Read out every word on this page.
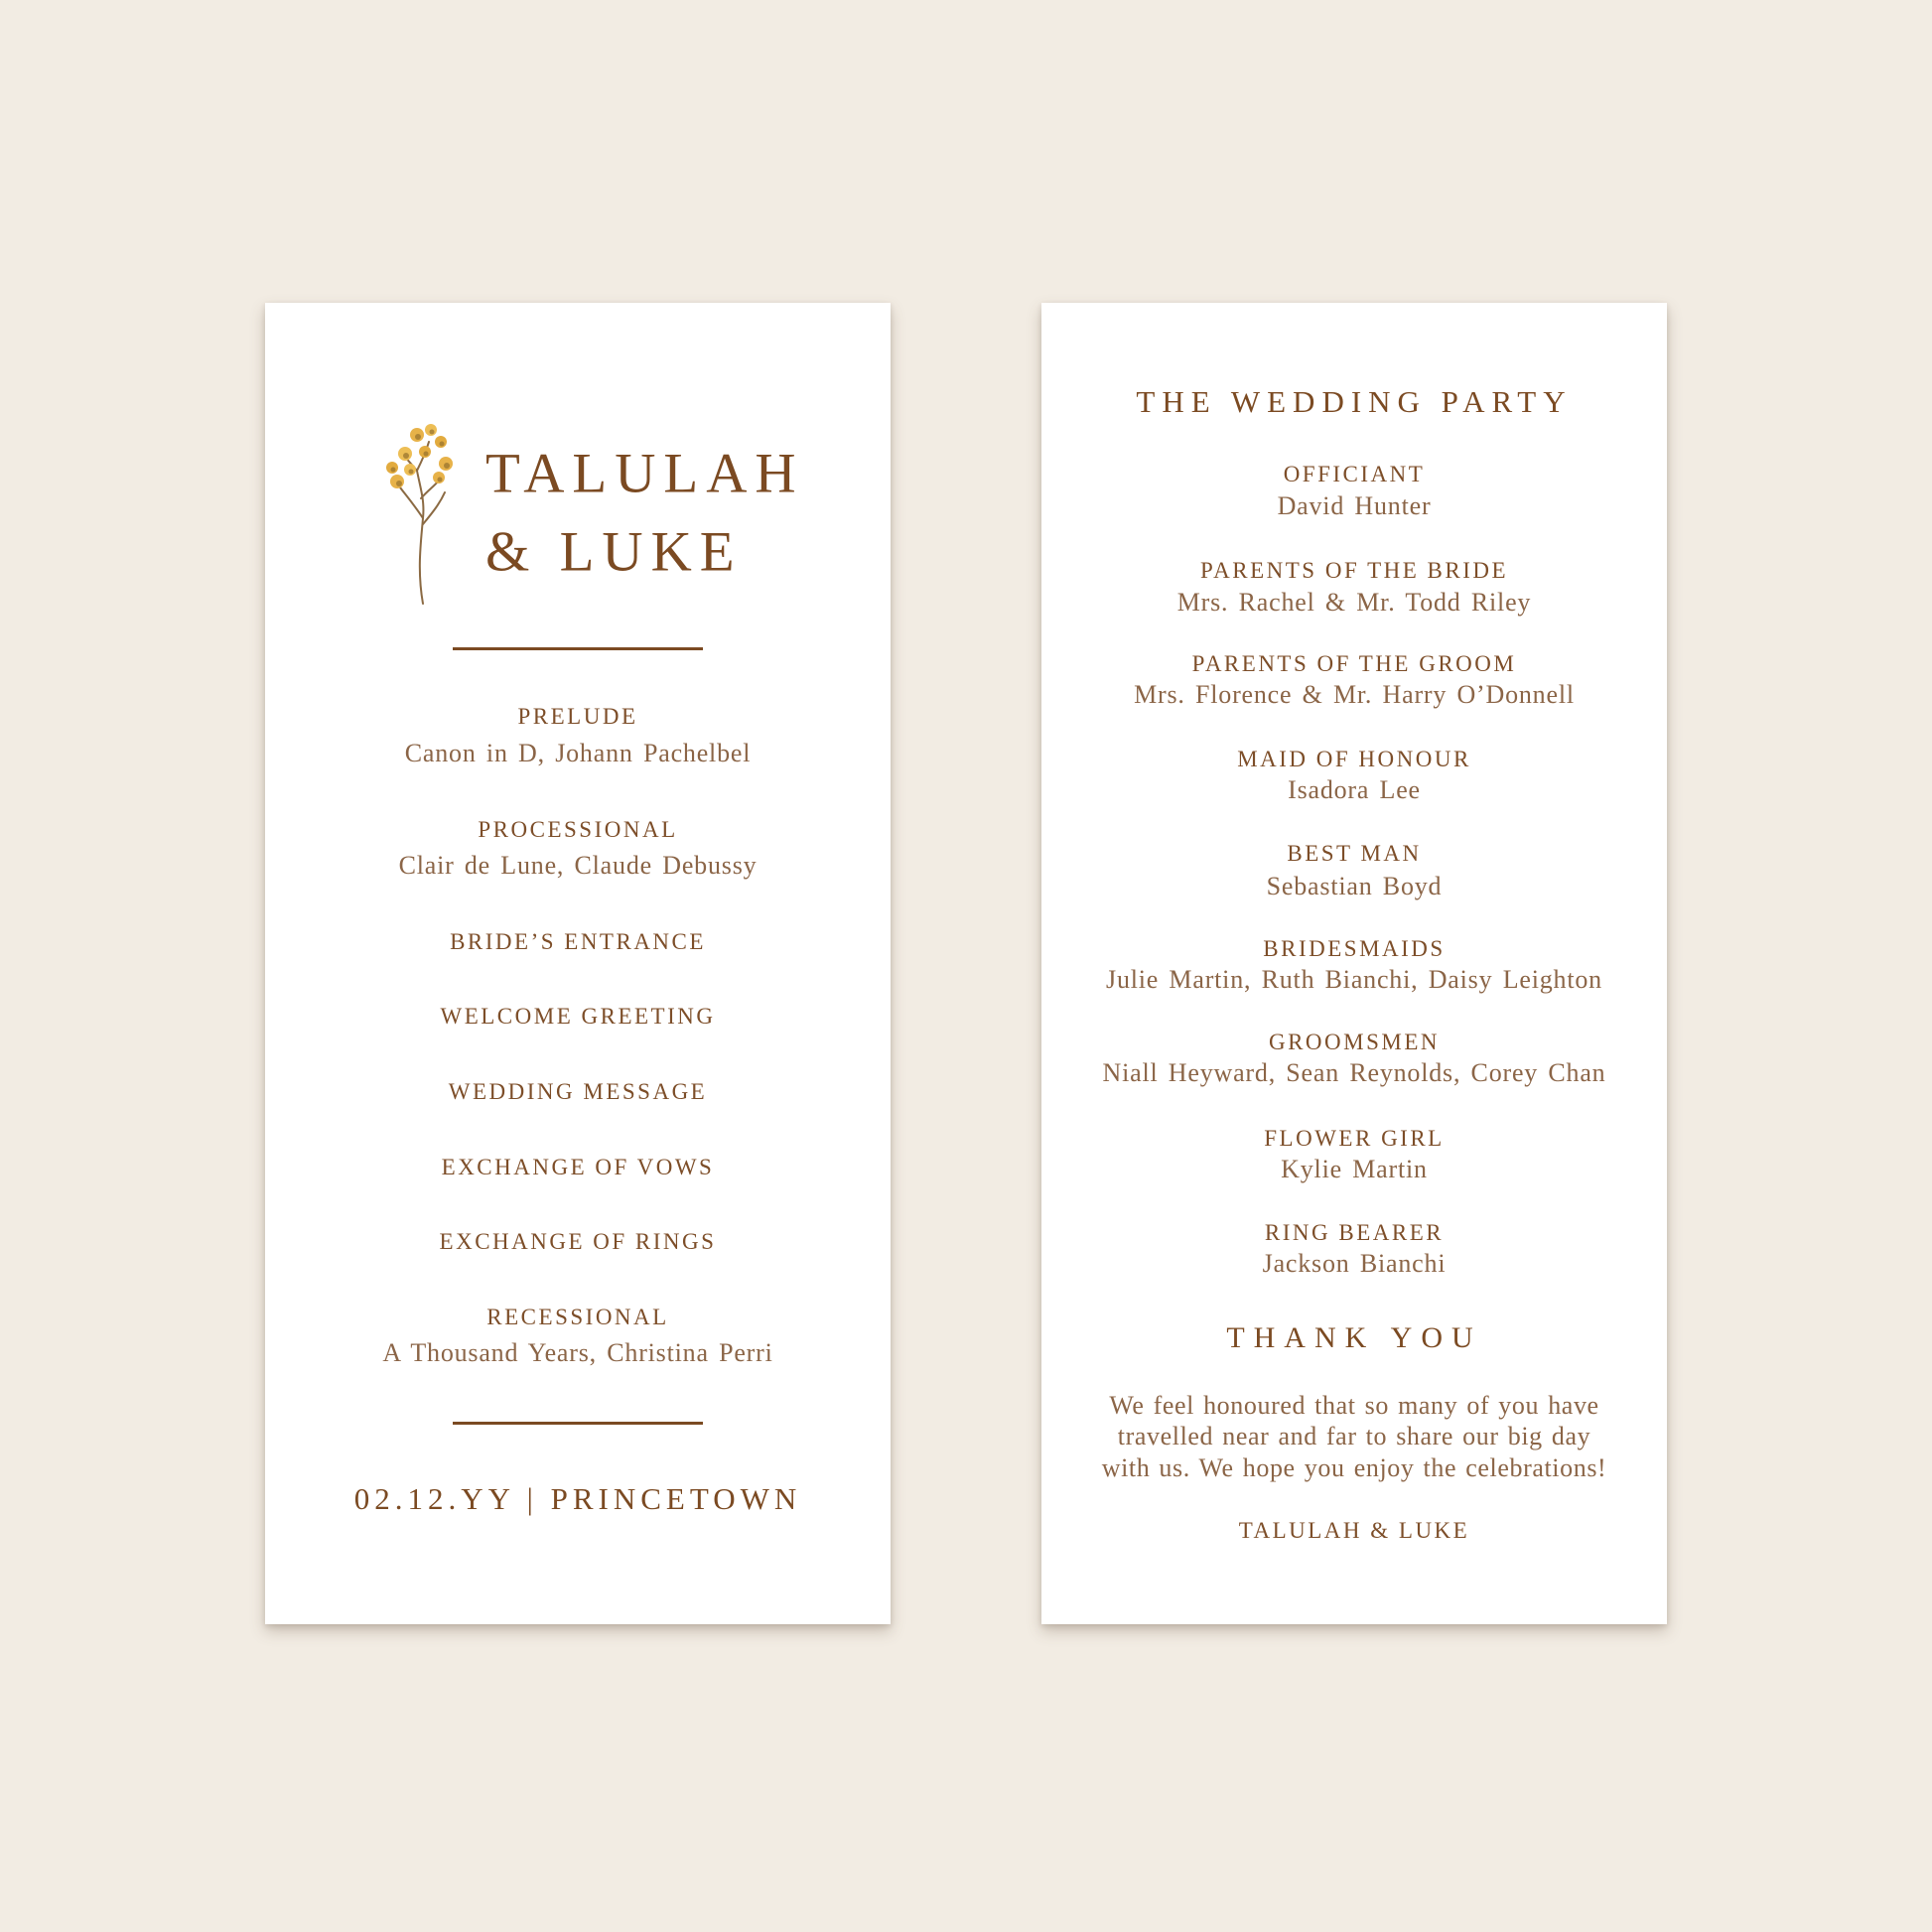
TALULAH
& LUKE
PRELUDE
Canon in D, Johann Pachelbel
PROCESSIONAL
Clair de Lune, Claude Debussy
BRIDE’S ENTRANCE
WELCOME GREETING
WEDDING MESSAGE
EXCHANGE OF VOWS
EXCHANGE OF RINGS
RECESSIONAL
A Thousand Years, Christina Perri
02.12.YY | PRINCETOWN
THE WEDDING PARTY
OFFICIANT
David Hunter
PARENTS OF THE BRIDE
Mrs. Rachel & Mr. Todd Riley
PARENTS OF THE GROOM
Mrs. Florence & Mr. Harry O’Donnell
MAID OF HONOUR
Isadora Lee
BEST MAN
Sebastian Boyd
BRIDESMAIDS
Julie Martin, Ruth Bianchi, Daisy Leighton
GROOMSMEN
Niall Heyward, Sean Reynolds, Corey Chan
FLOWER GIRL
Kylie Martin
RING BEARER
Jackson Bianchi
THANK YOU
We feel honoured that so many of you have
travelled near and far to share our big day
with us. We hope you enjoy the celebrations!
TALULAH & LUKE
